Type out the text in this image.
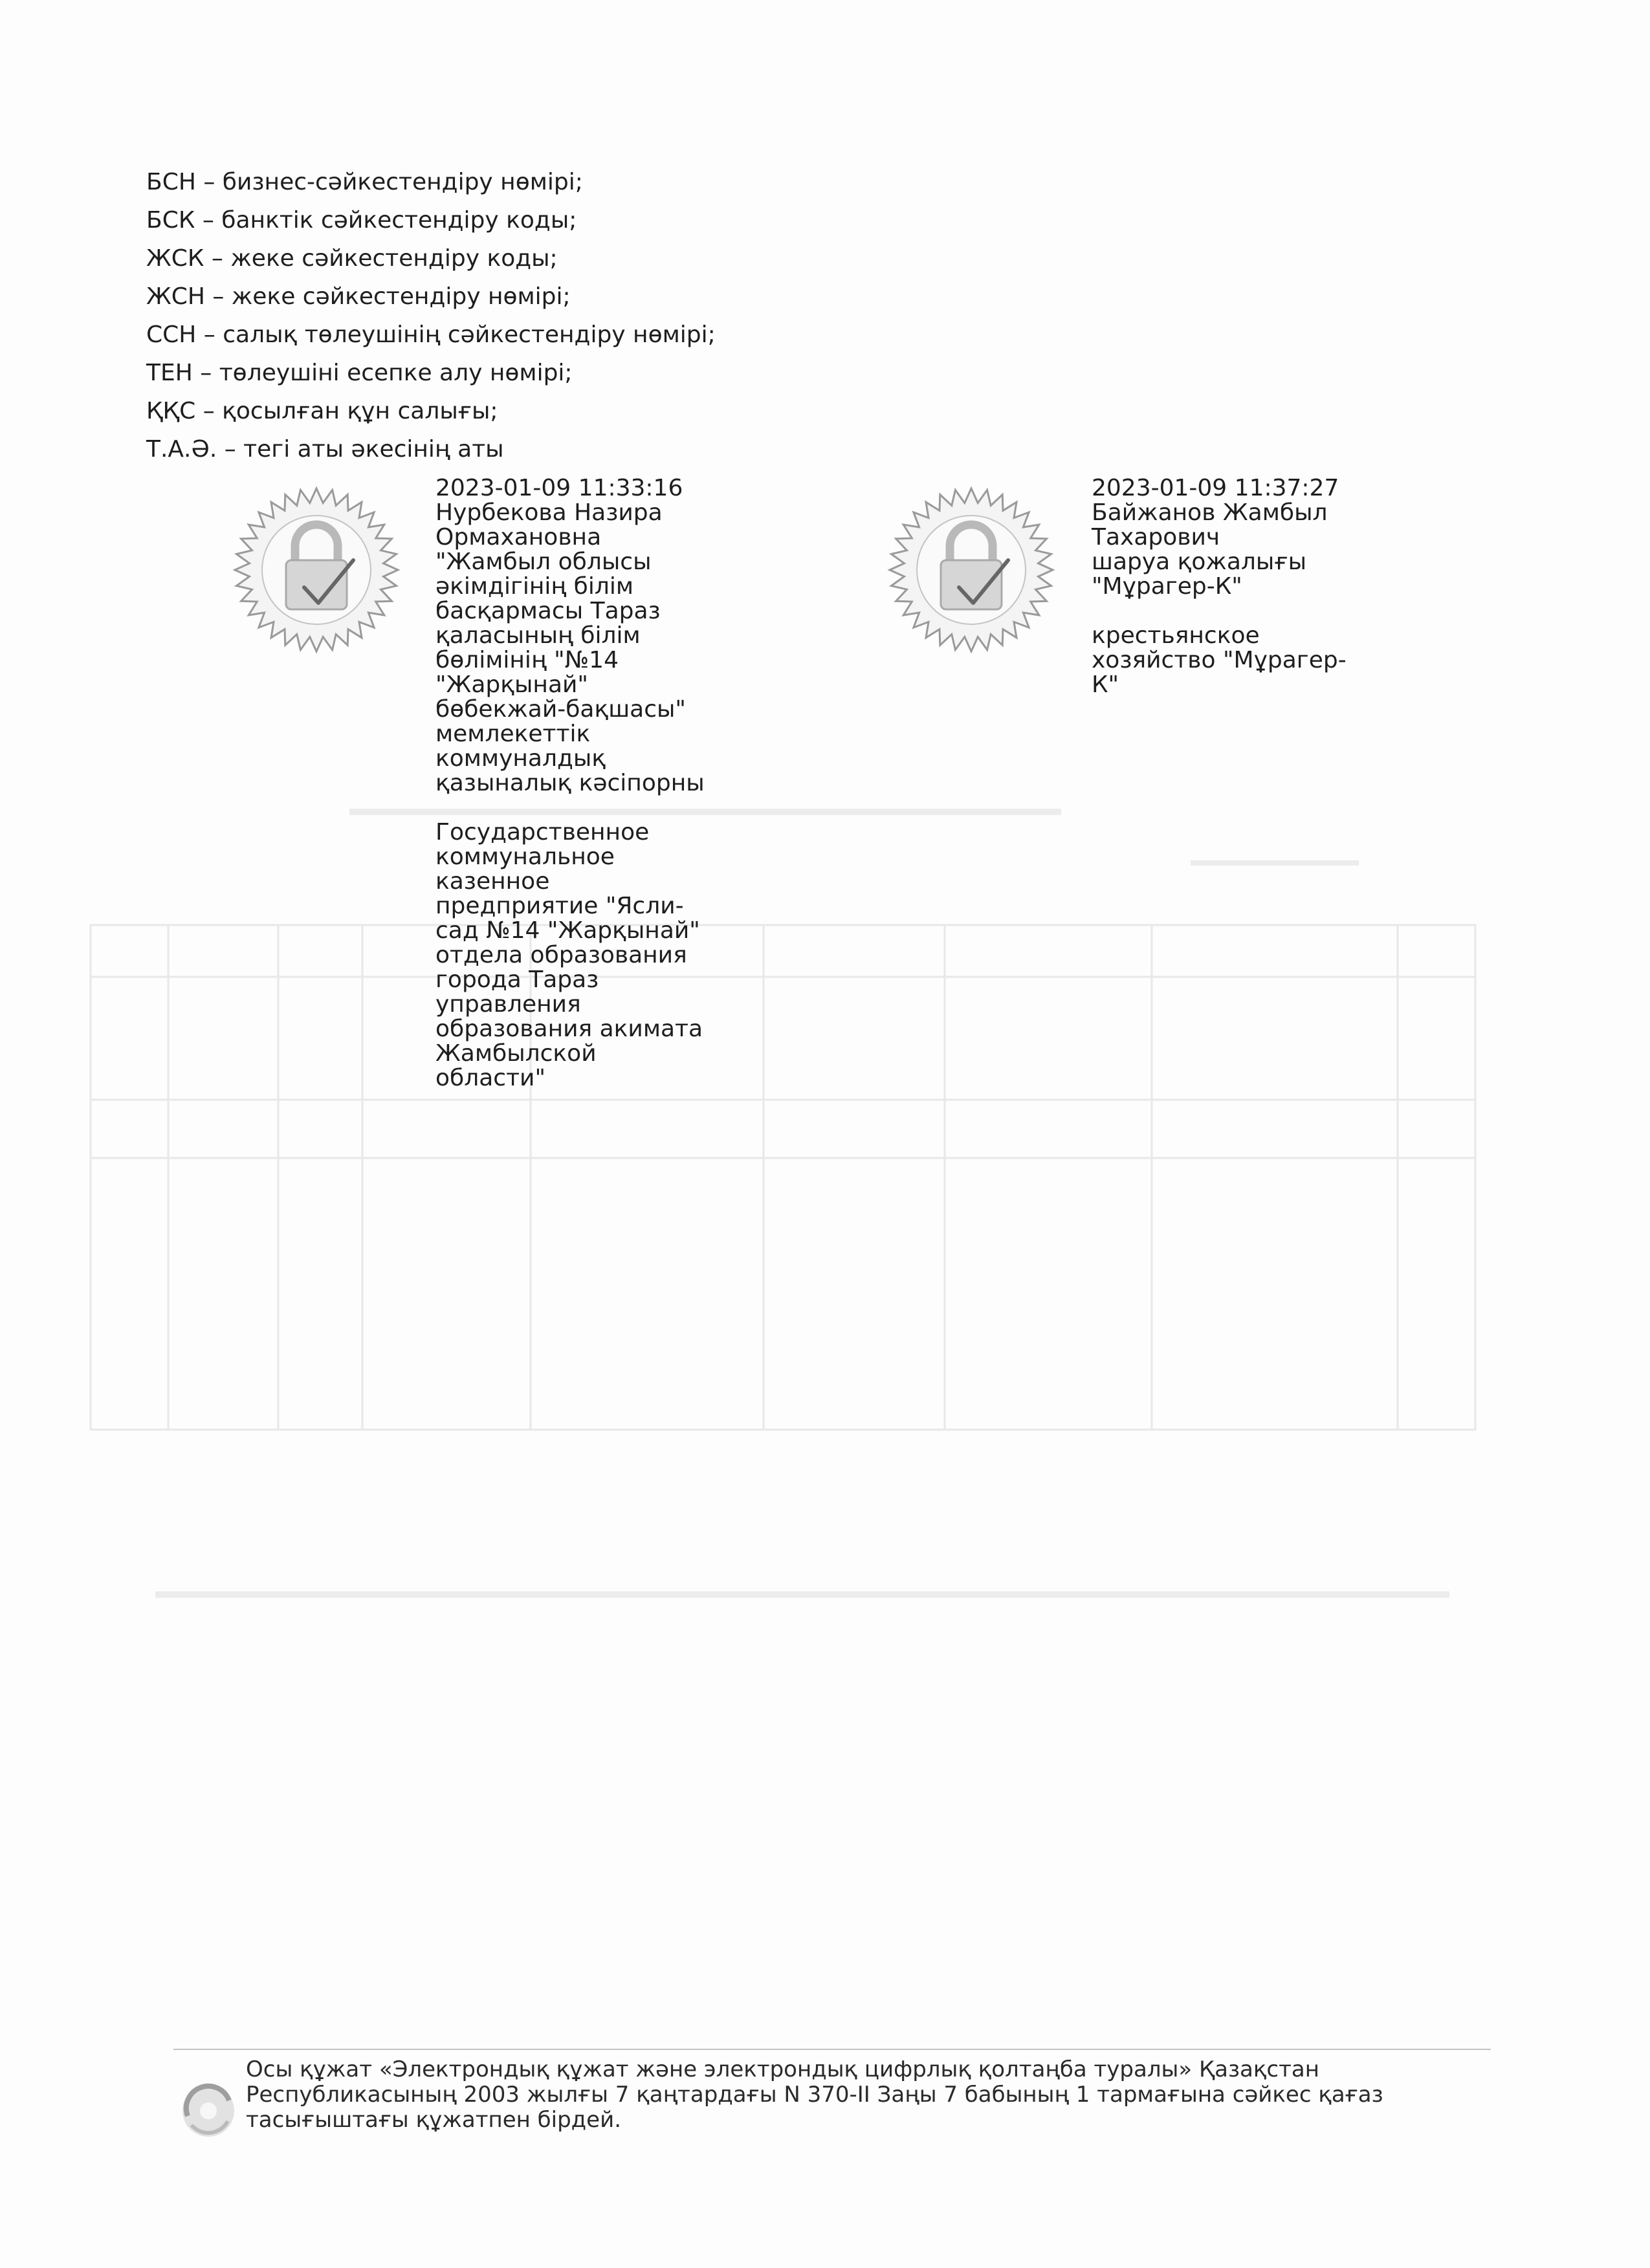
БСН – бизнес-сәйкестендіру нөмірі;
БСК – банктік сәйкестендіру коды;
ЖСК – жеке сәйкестендіру коды;
ЖСН – жеке сәйкестендіру нөмірі;
ССН – салық төлеушінің сәйкестендіру нөмірі;
ТЕН – төлеушіні есепке алу нөмірі;
ҚҚС – қосылған құн салығы;
Т.А.Ә. – тегі аты әкесінің аты
2023-01-09 11:33:16
Нурбекова Назира
Ормахановна
"Жамбыл облысы
әкімдігінің білім
басқармасы Тараз
қаласының білім
бөлімінің "№14
"Жарқынай"
бөбекжай-бақшасы"
мемлекеттік
коммуналдық
қазыналық кәсіпорны
Государственное
коммунальное
казенное
предприятие "Ясли-
сад №14 "Жарқынай"
отдела образования
города Тараз
управления
образования акимата
Жамбылской
области"
2023-01-09 11:37:27
Байжанов Жамбыл
Тахарович
шаруа қожалығы
"Мұрагер-К"
крестьянское
хозяйство "Мұрагер-
К"
Осы құжат «Электрондық құжат және электрондық цифрлық қолтаңба туралы» Қазақстан
Республикасының 2003 жылғы 7 қаңтардағы N 370-II Заңы 7 бабының 1 тармағына сәйкес қағаз
тасығыштағы құжатпен бірдей.
